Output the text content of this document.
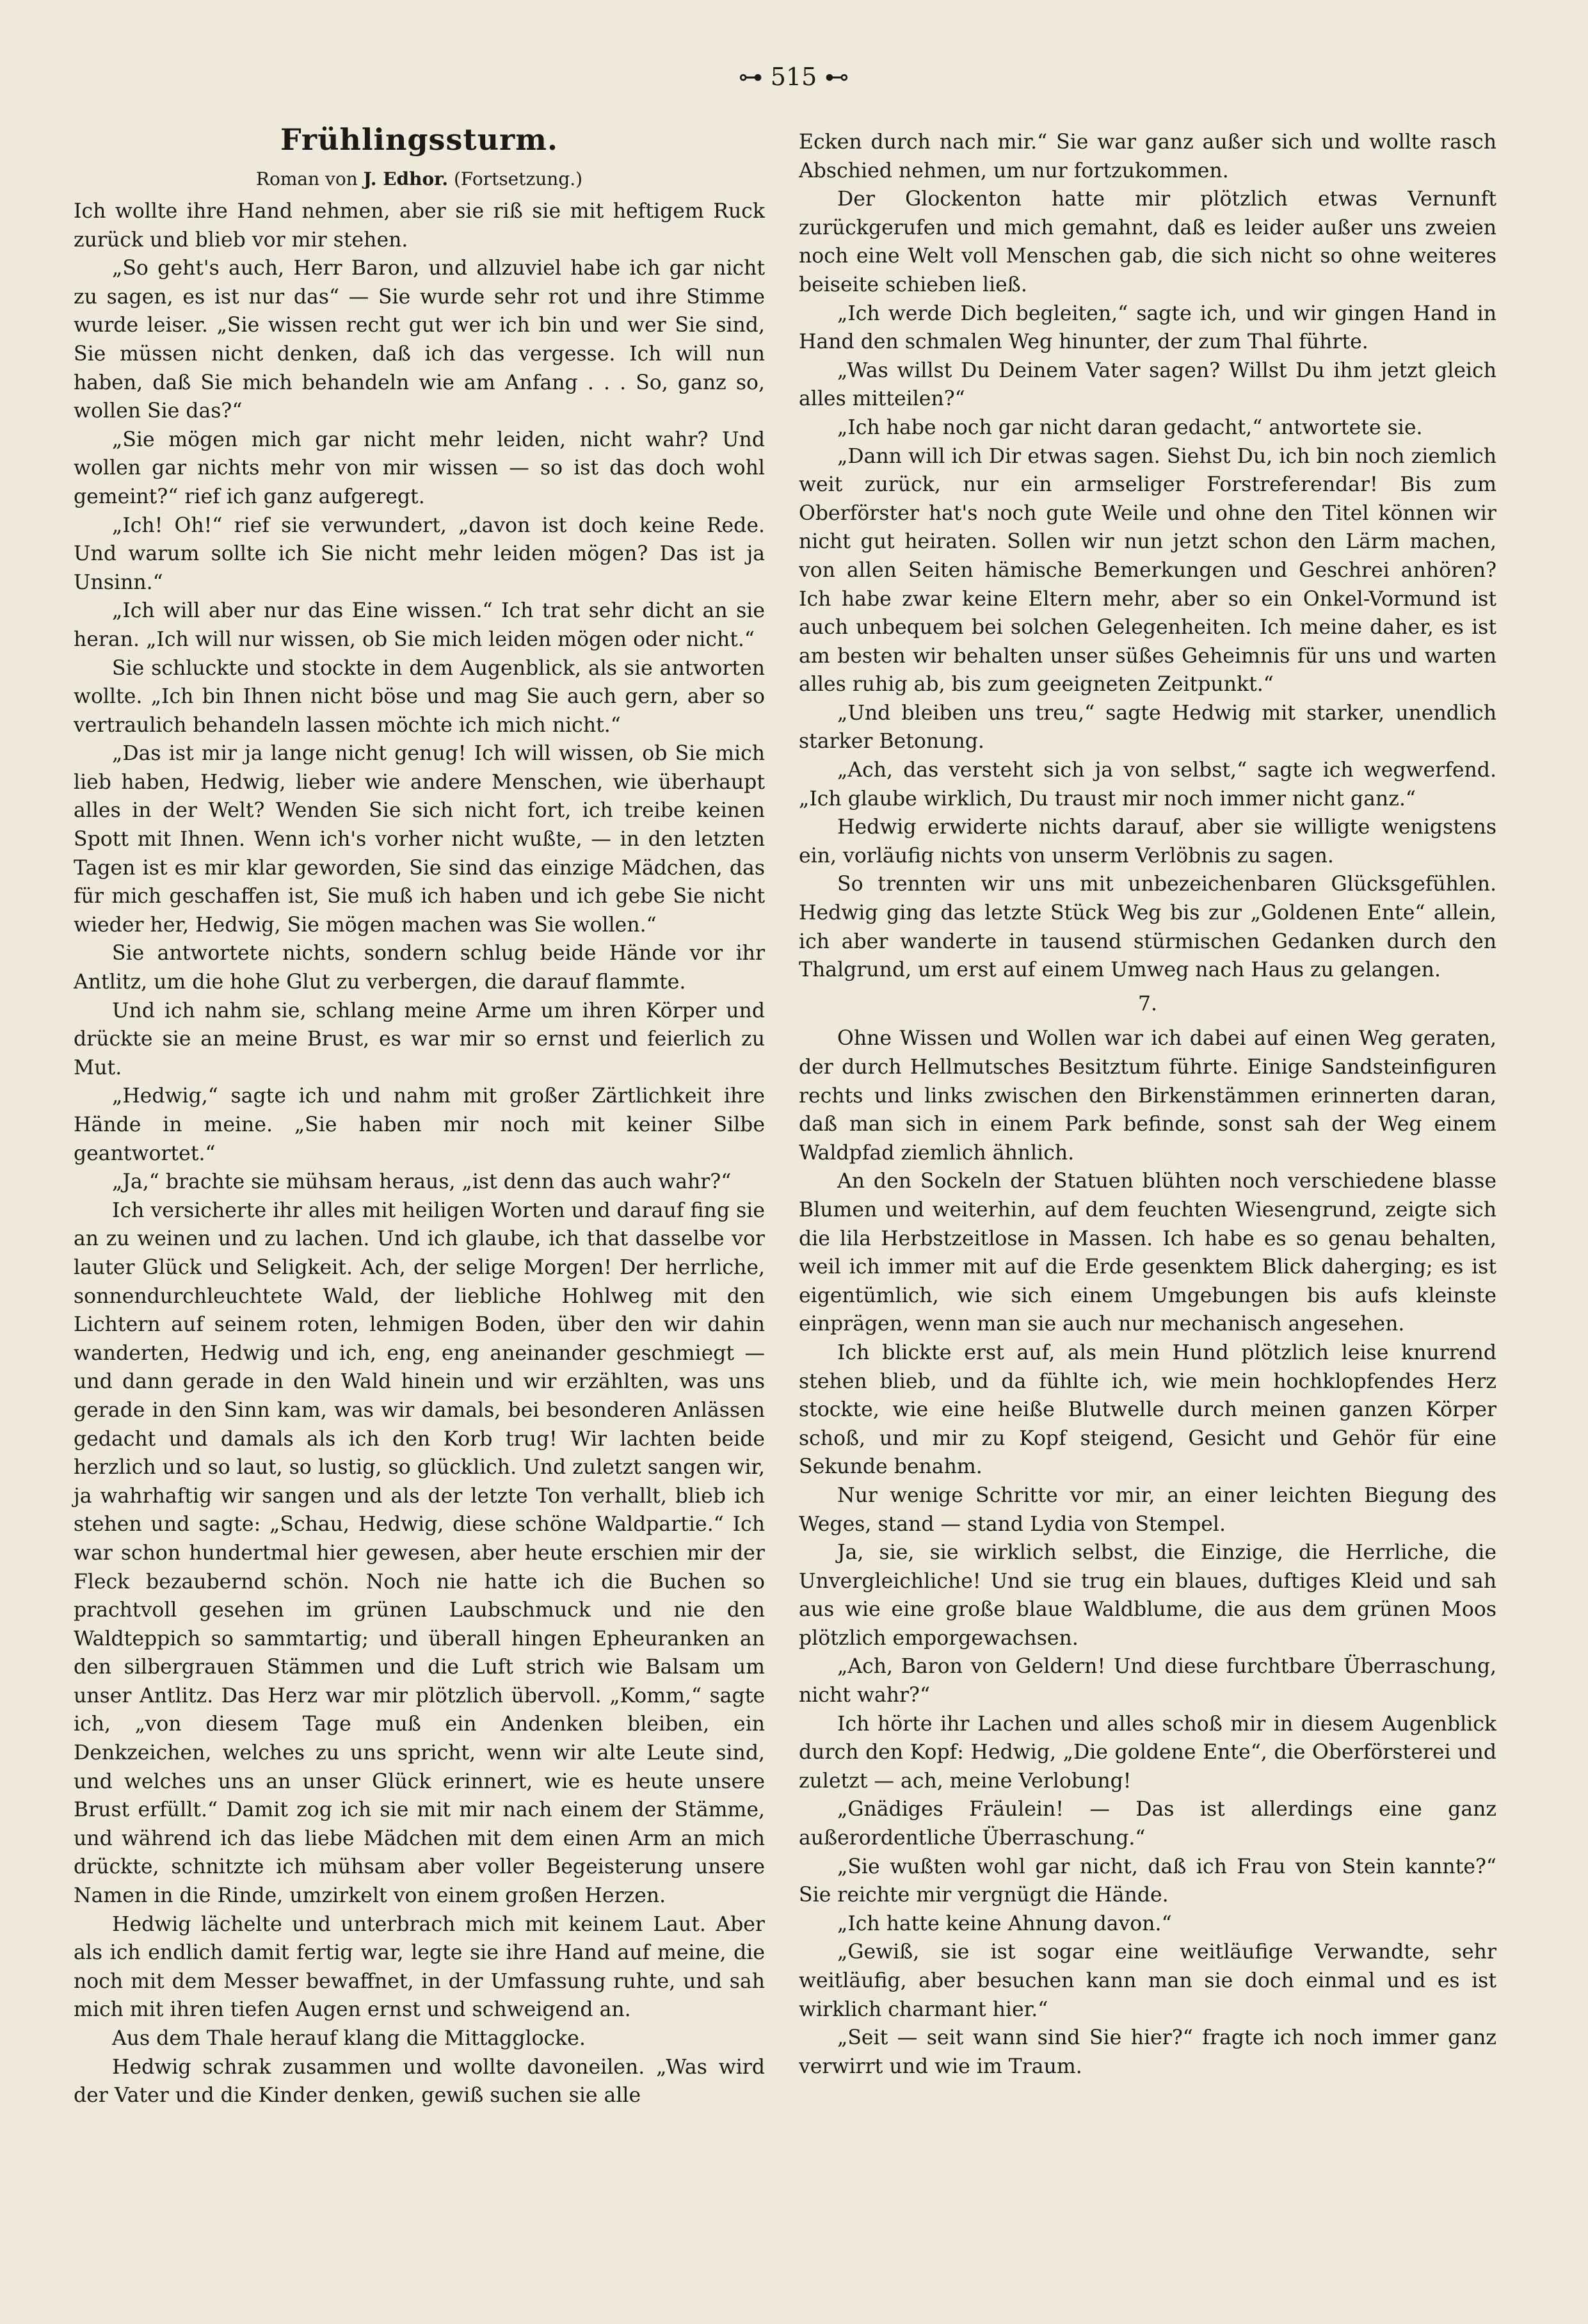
⊶ 515 ⊷
Frühlingssturm.
Roman von J. Edhor. (Fortsetzung.)

Ich wollte ihre Hand nehmen, aber sie riß sie mit heftigem Ruck zurück und blieb vor mir stehen.

„So geht's auch, Herr Baron, und allzuviel habe ich gar nicht zu sagen, es ist nur das“ — Sie wurde sehr rot und ihre Stimme wurde leiser. „Sie wissen recht gut wer ich bin und wer Sie sind, Sie müssen nicht denken, daß ich das vergesse. Ich will nun haben, daß Sie mich behandeln wie am Anfang . . . So, ganz so, wollen Sie das?“

„Sie mögen mich gar nicht mehr leiden, nicht wahr? Und wollen gar nichts mehr von mir wissen — so ist das doch wohl gemeint?“ rief ich ganz aufgeregt.

„Ich! Oh!“ rief sie verwundert, „davon ist doch keine Rede. Und warum sollte ich Sie nicht mehr leiden mögen? Das ist ja Unsinn.“

„Ich will aber nur das Eine wissen.“ Ich trat sehr dicht an sie heran. „Ich will nur wissen, ob Sie mich leiden mögen oder nicht.“

Sie schluckte und stockte in dem Augenblick, als sie antworten wollte. „Ich bin Ihnen nicht böse und mag Sie auch gern, aber so vertraulich behandeln lassen möchte ich mich nicht.“

„Das ist mir ja lange nicht genug! Ich will wissen, ob Sie mich lieb haben, Hedwig, lieber wie andere Menschen, wie überhaupt alles in der Welt? Wenden Sie sich nicht fort, ich treibe keinen Spott mit Ihnen. Wenn ich's vorher nicht wußte, — in den letzten Tagen ist es mir klar geworden, Sie sind das einzige Mädchen, das für mich geschaffen ist, Sie muß ich haben und ich gebe Sie nicht wieder her, Hedwig, Sie mögen machen was Sie wollen.“

Sie antwortete nichts, sondern schlug beide Hände vor ihr Antlitz, um die hohe Glut zu verbergen, die darauf flammte.

Und ich nahm sie, schlang meine Arme um ihren Körper und drückte sie an meine Brust, es war mir so ernst und feierlich zu Mut.

„Hedwig,“ sagte ich und nahm mit großer Zärtlichkeit ihre Hände in meine. „Sie haben mir noch mit keiner Silbe geantwortet.“

„Ja,“ brachte sie mühsam heraus, „ist denn das auch wahr?“

Ich versicherte ihr alles mit heiligen Worten und darauf fing sie an zu weinen und zu lachen. Und ich glaube, ich that dasselbe vor lauter Glück und Seligkeit. Ach, der selige Morgen! Der herrliche, sonnendurchleuchtete Wald, der liebliche Hohlweg mit den Lichtern auf seinem roten, lehmigen Boden, über den wir dahin wanderten, Hedwig und ich, eng, eng aneinander geschmiegt — und dann gerade in den Wald hinein und wir erzählten, was uns gerade in den Sinn kam, was wir damals, bei besonderen Anlässen gedacht und damals als ich den Korb trug! Wir lachten beide herzlich und so laut, so lustig, so glücklich. Und zuletzt sangen wir, ja wahrhaftig wir sangen und als der letzte Ton verhallt, blieb ich stehen und sagte: „Schau, Hedwig, diese schöne Waldpartie.“ Ich war schon hundertmal hier gewesen, aber heute erschien mir der Fleck bezaubernd schön. Noch nie hatte ich die Buchen so prachtvoll gesehen im grünen Laubschmuck und nie den Waldteppich so sammtartig; und überall hingen Epheuranken an den silbergrauen Stämmen und die Luft strich wie Balsam um unser Antlitz. Das Herz war mir plötzlich übervoll. „Komm,“ sagte ich, „von diesem Tage muß ein Andenken bleiben, ein Denkzeichen, welches zu uns spricht, wenn wir alte Leute sind, und welches uns an unser Glück erinnert, wie es heute unsere Brust erfüllt.“ Damit zog ich sie mit mir nach einem der Stämme, und während ich das liebe Mädchen mit dem einen Arm an mich drückte, schnitzte ich mühsam aber voller Begeisterung unsere Namen in die Rinde, umzirkelt von einem großen Herzen.

Hedwig lächelte und unterbrach mich mit keinem Laut. Aber als ich endlich damit fertig war, legte sie ihre Hand auf meine, die noch mit dem Messer bewaffnet, in der Umfassung ruhte, und sah mich mit ihren tiefen Augen ernst und schweigend an.

Aus dem Thale herauf klang die Mittagglocke.

Hedwig schrak zusammen und wollte davoneilen. „Was wird der Vater und die Kinder denken, gewiß suchen sie alle

Ecken durch nach mir.“ Sie war ganz außer sich und wollte rasch Abschied nehmen, um nur fortzukommen.

Der Glockenton hatte mir plötzlich etwas Vernunft zurückgerufen und mich gemahnt, daß es leider außer uns zweien noch eine Welt voll Menschen gab, die sich nicht so ohne weiteres beiseite schieben ließ.

„Ich werde Dich begleiten,“ sagte ich, und wir gingen Hand in Hand den schmalen Weg hinunter, der zum Thal führte.

„Was willst Du Deinem Vater sagen? Willst Du ihm jetzt gleich alles mitteilen?“

„Ich habe noch gar nicht daran gedacht,“ antwortete sie.

„Dann will ich Dir etwas sagen. Siehst Du, ich bin noch ziemlich weit zurück, nur ein armseliger Forstreferendar! Bis zum Oberförster hat's noch gute Weile und ohne den Titel können wir nicht gut heiraten. Sollen wir nun jetzt schon den Lärm machen, von allen Seiten hämische Bemerkungen und Geschrei anhören? Ich habe zwar keine Eltern mehr, aber so ein Onkel-Vormund ist auch unbequem bei solchen Gelegenheiten. Ich meine daher, es ist am besten wir behalten unser süßes Geheimnis für uns und warten alles ruhig ab, bis zum geeigneten Zeitpunkt.“

„Und bleiben uns treu,“ sagte Hedwig mit starker, unendlich starker Betonung.

„Ach, das versteht sich ja von selbst,“ sagte ich wegwerfend. „Ich glaube wirklich, Du traust mir noch immer nicht ganz.“

Hedwig erwiderte nichts darauf, aber sie willigte wenigstens ein, vorläufig nichts von unserm Verlöbnis zu sagen.

So trennten wir uns mit unbezeichenbaren Glücksgefühlen. Hedwig ging das letzte Stück Weg bis zur „Goldenen Ente“ allein, ich aber wanderte in tausend stürmischen Gedanken durch den Thalgrund, um erst auf einem Umweg nach Haus zu gelangen.

7.

Ohne Wissen und Wollen war ich dabei auf einen Weg geraten, der durch Hellmutsches Besitztum führte. Einige Sandsteinfiguren rechts und links zwischen den Birkenstämmen erinnerten daran, daß man sich in einem Park befinde, sonst sah der Weg einem Waldpfad ziemlich ähnlich.

An den Sockeln der Statuen blühten noch verschiedene blasse Blumen und weiterhin, auf dem feuchten Wiesengrund, zeigte sich die lila Herbstzeitlose in Massen. Ich habe es so genau behalten, weil ich immer mit auf die Erde gesenktem Blick daherging; es ist eigentümlich, wie sich einem Umgebungen bis aufs kleinste einprägen, wenn man sie auch nur mechanisch angesehen.

Ich blickte erst auf, als mein Hund plötzlich leise knurrend stehen blieb, und da fühlte ich, wie mein hochklopfendes Herz stockte, wie eine heiße Blutwelle durch meinen ganzen Körper schoß, und mir zu Kopf steigend, Gesicht und Gehör für eine Sekunde benahm.

Nur wenige Schritte vor mir, an einer leichten Biegung des Weges, stand — stand Lydia von Stempel.

Ja, sie, sie wirklich selbst, die Einzige, die Herrliche, die Unvergleichliche! Und sie trug ein blaues, duftiges Kleid und sah aus wie eine große blaue Waldblume, die aus dem grünen Moos plötzlich emporgewachsen.

„Ach, Baron von Geldern! Und diese furchtbare Überraschung, nicht wahr?“

Ich hörte ihr Lachen und alles schoß mir in diesem Augenblick durch den Kopf: Hedwig, „Die goldene Ente“, die Oberförsterei und zuletzt — ach, meine Verlobung!

„Gnädiges Fräulein! — Das ist allerdings eine ganz außerordentliche Überraschung.“

„Sie wußten wohl gar nicht, daß ich Frau von Stein kannte?“ Sie reichte mir vergnügt die Hände.

„Ich hatte keine Ahnung davon.“

„Gewiß, sie ist sogar eine weitläufige Verwandte, sehr weitläufig, aber besuchen kann man sie doch einmal und es ist wirklich charmant hier.“

„Seit — seit wann sind Sie hier?“ fragte ich noch immer ganz verwirrt und wie im Traum.
